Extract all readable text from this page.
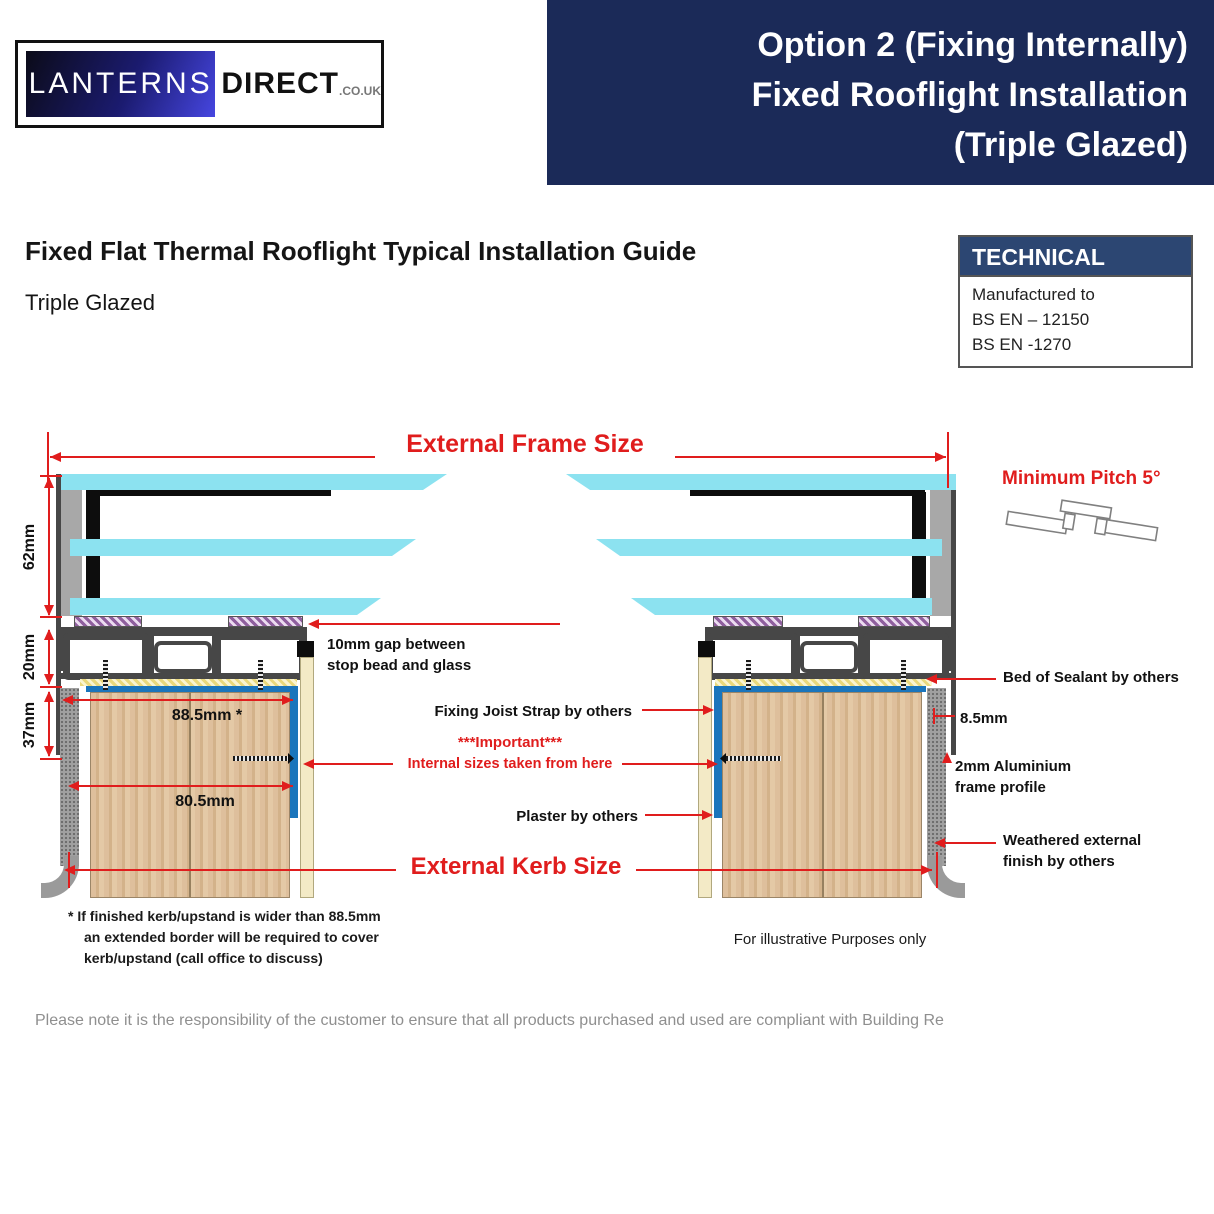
LANTERNS DIRECT .CO.UK
Option 2 (Fixing Internally)
Fixed Rooflight Installation
(Triple Glazed)
Fixed Flat Thermal Rooflight Typical Installation Guide
Triple Glazed
TECHNICAL
Manufactured to
BS EN – 12150
BS EN -1270
External Frame Size
62mm
20mm
37mm	88.5mm *
80.5mm
External Kerb Size
10mm gap between
stop bead and glass
Fixing Joist Strap by others
***Important***
Internal sizes taken from here
Plaster by others
Bed of Sealant by others
8.5mm
2mm Aluminium
frame profile
Weathered external
finish by others
Minimum Pitch 5°
* If finished kerb/upstand is wider than 88.5mm
an extended border will be required to cover
kerb/upstand (call office to discuss)
For illustrative Purposes only
Please note it is the responsibility of the customer to ensure that all products purchased and used are compliant with Building Re
